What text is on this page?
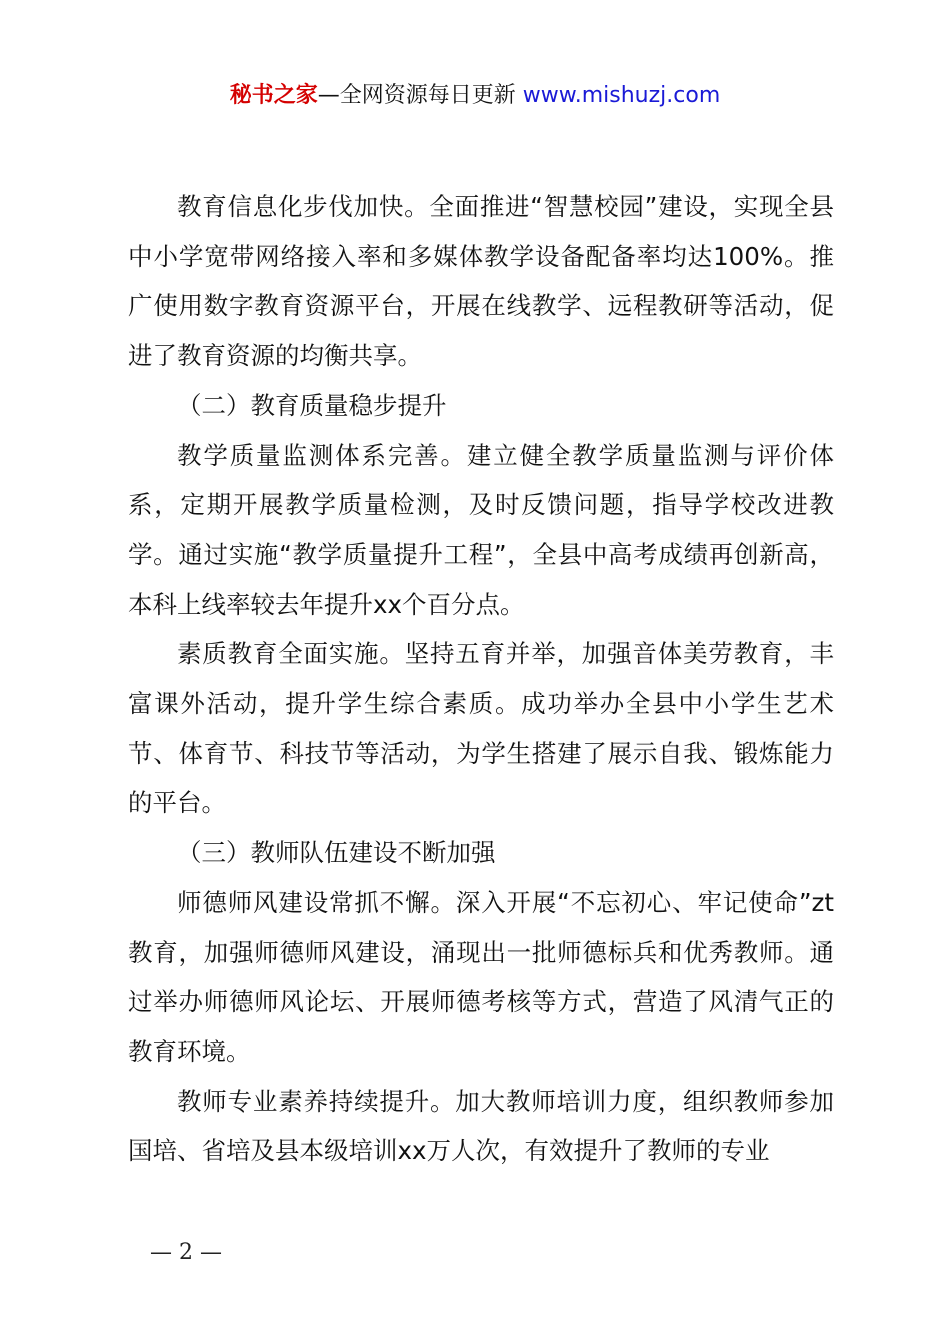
秘书之家—全网资源每日更新 www.mishuzj.com

教育信息化步伐加快。全面推进“智慧校园”建设，实现全县中小学宽带网络接入率和多媒体教学设备配备率均达100%。推广使用数字教育资源平台，开展在线教学、远程教研等活动，促进了教育资源的均衡共享。

（二）教育质量稳步提升

教学质量监测体系完善。建立健全教学质量监测与评价体系，定期开展教学质量检测，及时反馈问题，指导学校改进教学。通过实施“教学质量提升工程”，全县中高考成绩再创新高，本科上线率较去年提升xx个百分点。

素质教育全面实施。坚持五育并举，加强音体美劳教育，丰富课外活动，提升学生综合素质。成功举办全县中小学生艺术节、体育节、科技节等活动，为学生搭建了展示自我、锻炼能力的平台。

（三）教师队伍建设不断加强

师德师风建设常抓不懈。深入开展“不忘初心、牢记使命”zt教育，加强师德师风建设，涌现出一批师德标兵和优秀教师。通过举办师德师风论坛、开展师德考核等方式，营造了风清气正的教育环境。

教师专业素养持续提升。加大教师培训力度，组织教师参加国培、省培及县本级培训xx万人次，有效提升了教师的专业

— 2 —
